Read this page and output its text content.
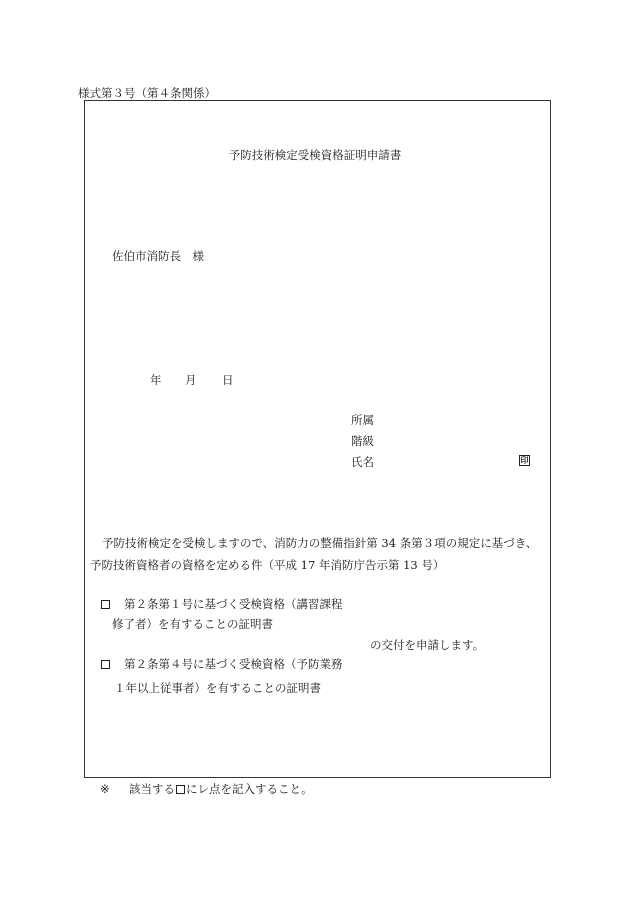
様式第３号（第４条関係）
予防技術検定受検資格証明申請書
佐伯市消防長　様
年 月 日
所属
階級
氏名	印
予防技術検定を受検しますので、消防力の整備指針第 34 条第３項の規定に基づき、
予防技術資格者の資格を定める件（平成 17 年消防庁告示第 13 号）
第２条第１号に基づく受検資格（講習課程
修了者）を有することの証明書
の交付を申請します。
第２条第４号に基づく受検資格（予防業務
１年以上従事者）を有することの証明書
※ 該当する にレ点を記入すること。
